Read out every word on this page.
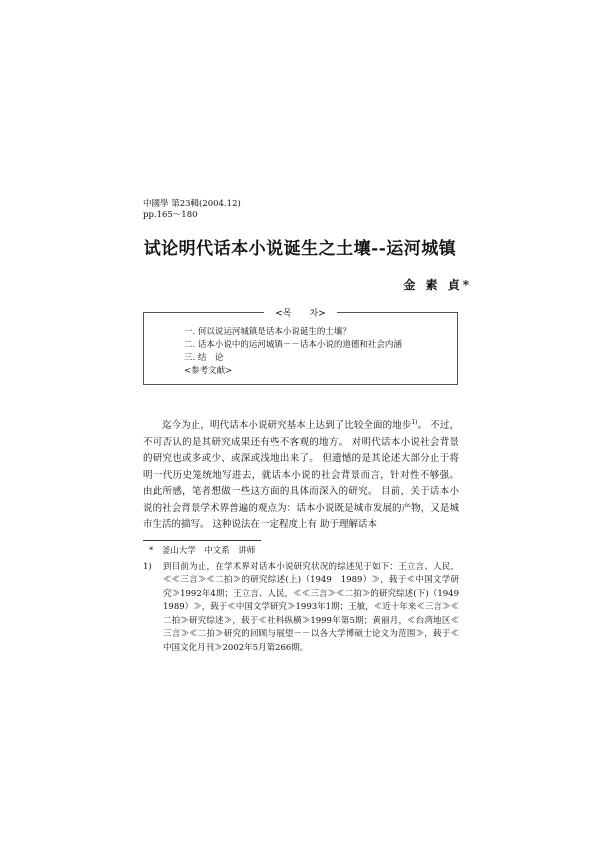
中國學 第23輯(2004.12)
pp.165～180
试论明代话本小说诞生之土壤--运河城镇
金 素 貞*
<목　　차>
一. 何以说运河城镇是话本小说诞生的土壤？
二. 话本小说中的运河城镇－－话本小说的道德和社会内涵
三. 结　论
<参考文献>
迄今为止，明代话本小说研究基本上达到了比较全面的地步$^{1)}$。 不过，不可否认的是其研究成果还有些不客观的地方。 对明代话本小说社会背景的研究也或多或少、或深或浅地出来了。 但遗憾的是其论述大部分止于将明一代历史笼统地写进去，就话本小说的社会背景而言，针对性不够强。 由此所感，笔者想做一些这方面的具体而深入的研究。 目前，关于话本小说的社会背景学术界普遍的观点为：话本小说既是城市发展的产物，又是城市生活的描写。 这种说法在一定程度上有 助于理解话本
*　釜山大学　中文系　讲师
1)	到目前为止，在学术界对话本小说研究状况的综述见于如下：王立言、人民，≪≪三言≫≪二拍≫的研究综述(上)（1949　1989）≫，载于≪中国文学研究≫1992年4期；王立言、人民，≪≪三言≫≪二拍≫的研究综述(下)（1949　1989）≫，载于≪中国文学研究≫1993年1期；王敏，≪近十年来≪三言≫≪二拍≫研究综述≫，载于≪社科纵横≫1999年第5期；黄丽月，≪台湾地区≪三言≫≪二拍≫研究的回顾与展望－－以各大学博硕士论文为范围≫，载于≪中国文化月刊≫2002年5月第266期。
